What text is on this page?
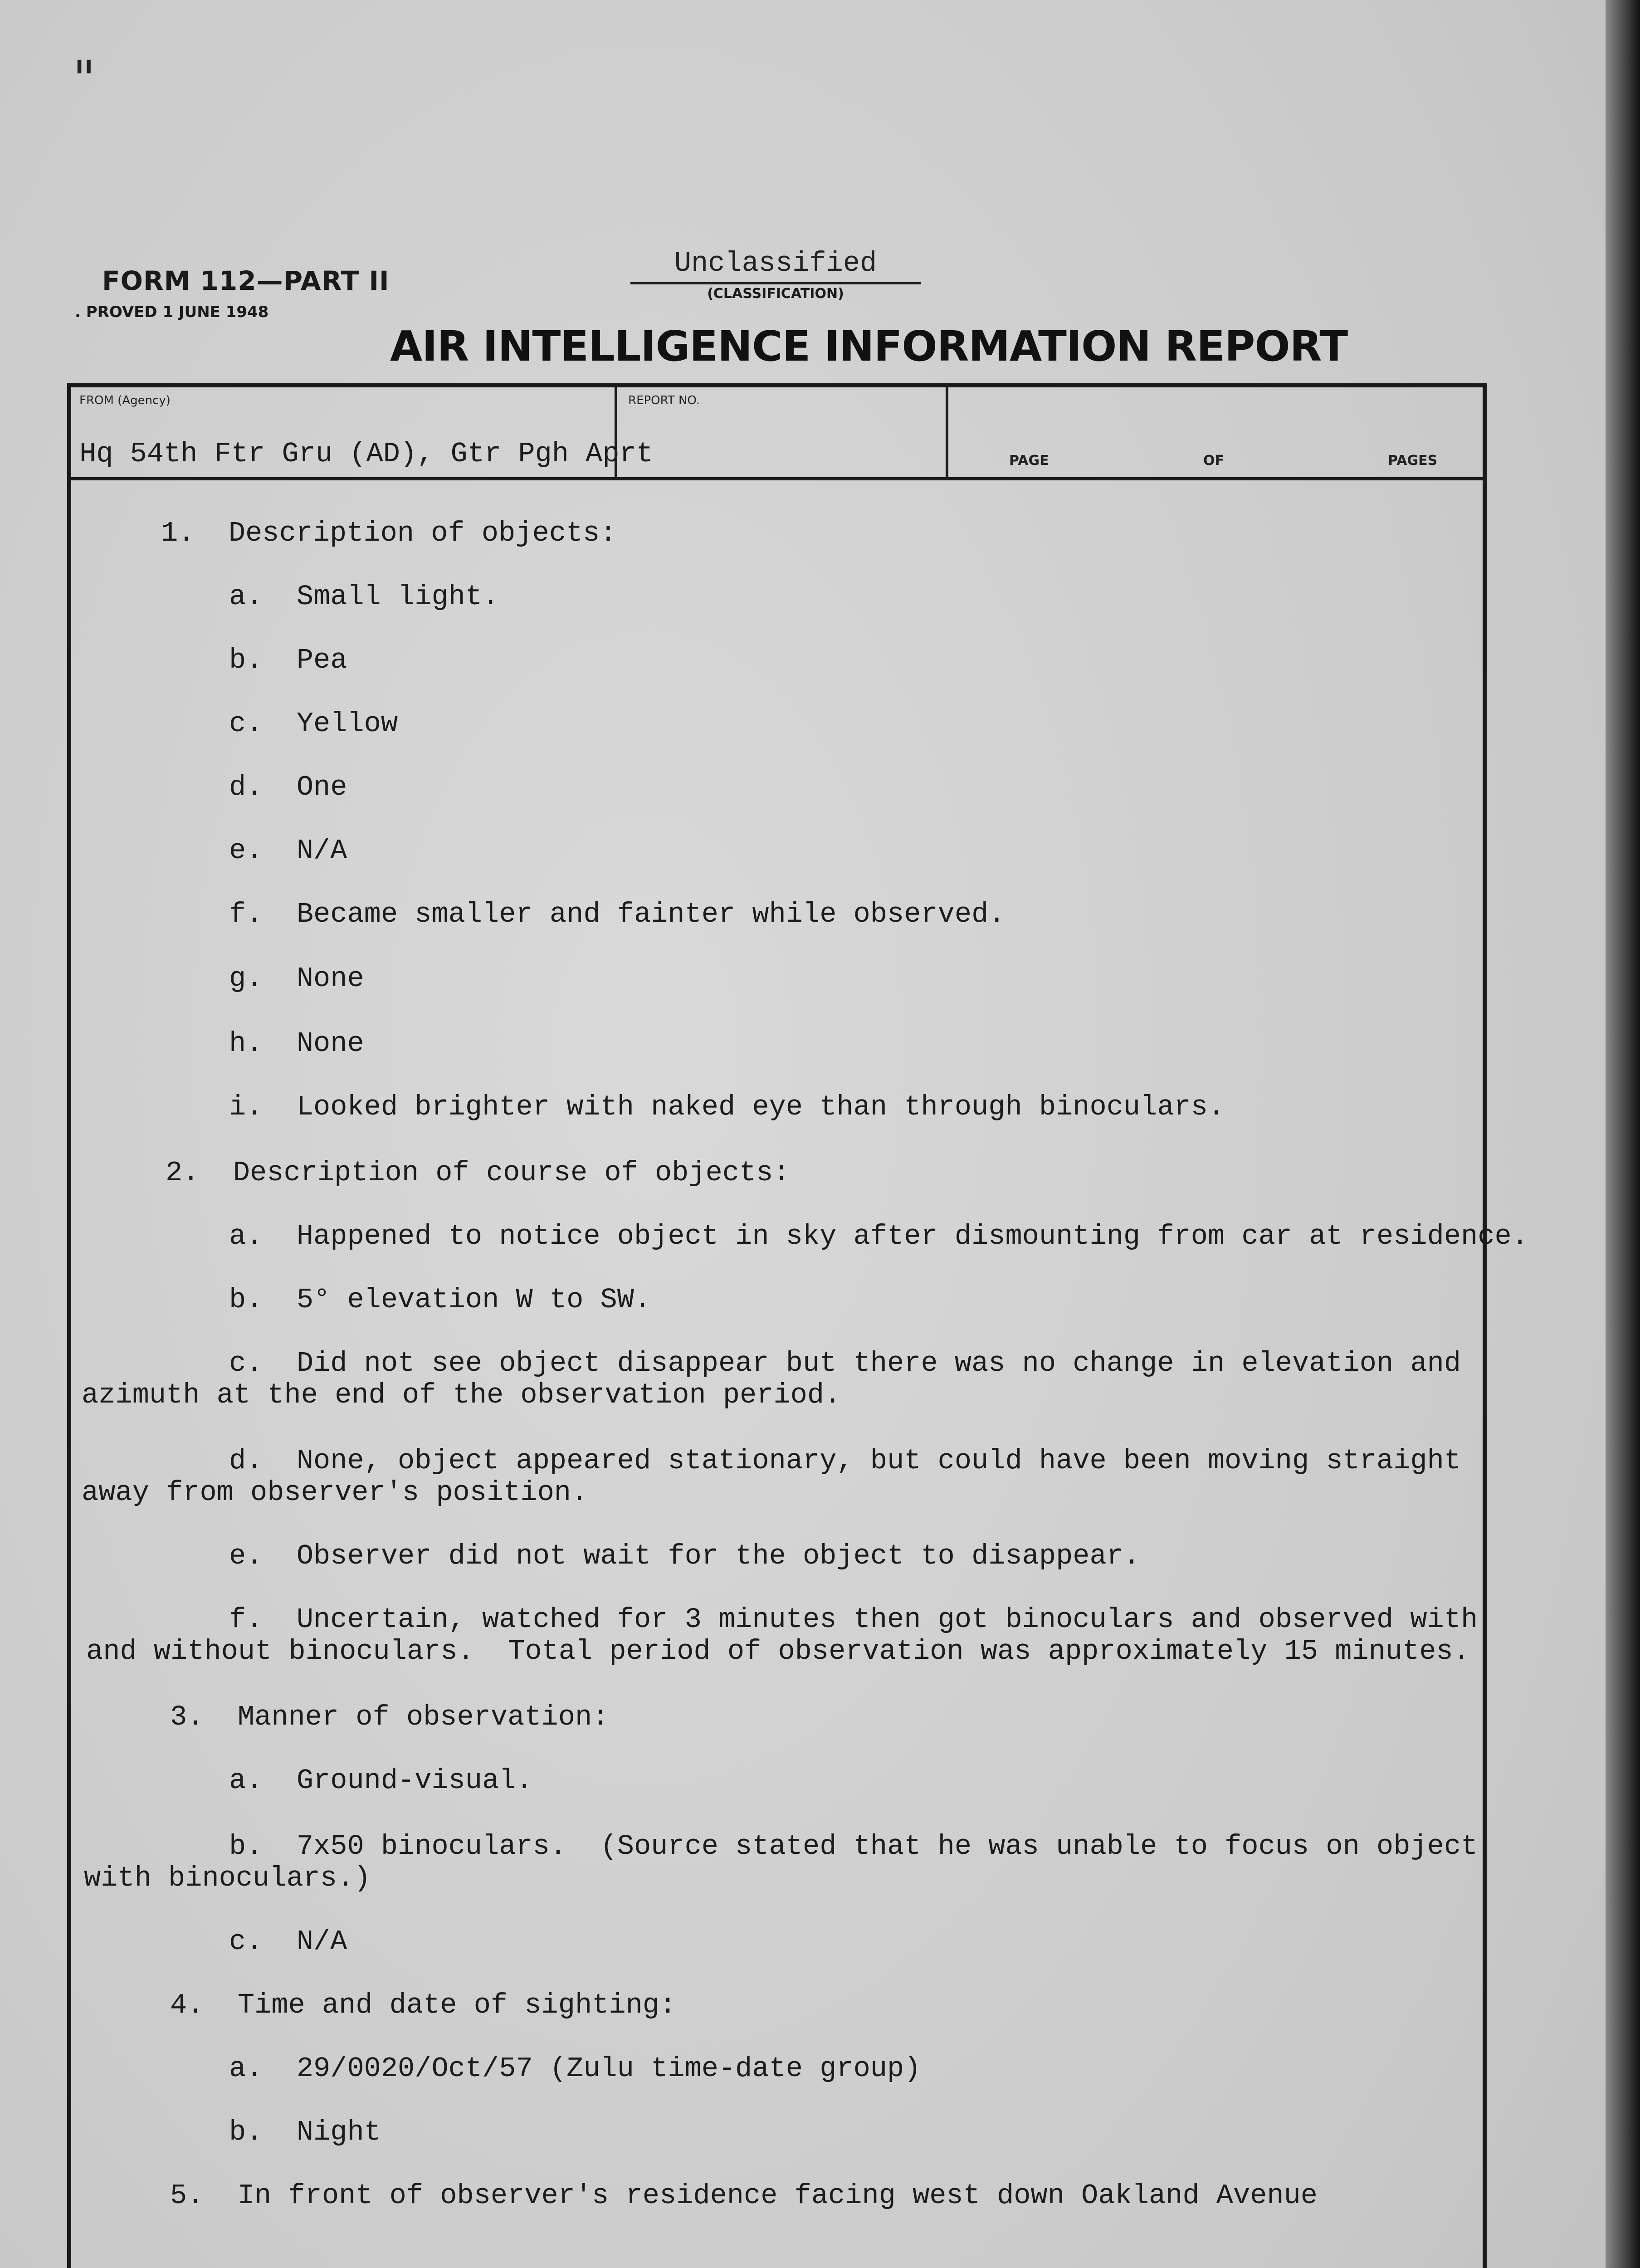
"
FORM 112—PART II
. PROVED 1 JUNE 1948
Unclassified
(CLASSIFICATION)
AIR INTELLIGENCE INFORMATION REPORT
FROM (Agency)
Hq 54th Ftr Gru (AD), Gtr Pgh Aprt
REPORT NO.
PAGE	OF	PAGES
1.  Description of objects:
a.  Small light.
b.  Pea
c.  Yellow
d.  One
e.  N/A
f.  Became smaller and fainter while observed.
g.  None
h.  None
i.  Looked brighter with naked eye than through binoculars.
2.  Description of course of objects:
a.  Happened to notice object in sky after dismounting from car at residence.
b.  5° elevation W to SW.
c.  Did not see object disappear but there was no change in elevation and
azimuth at the end of the observation period.
d.  None, object appeared stationary, but could have been moving straight
away from observer's position.
e.  Observer did not wait for the object to disappear.
f.  Uncertain, watched for 3 minutes then got binoculars and observed with
and without binoculars.  Total period of observation was approximately 15 minutes.
3.  Manner of observation:
a.  Ground-visual.
b.  7x50 binoculars.  (Source stated that he was unable to focus on object
with binoculars.)
c.  N/A
4.  Time and date of sighting:
a.  29/0020/Oct/57 (Zulu time-date group)
b.  Night
5.  In front of observer's residence facing west down Oakland Avenue
